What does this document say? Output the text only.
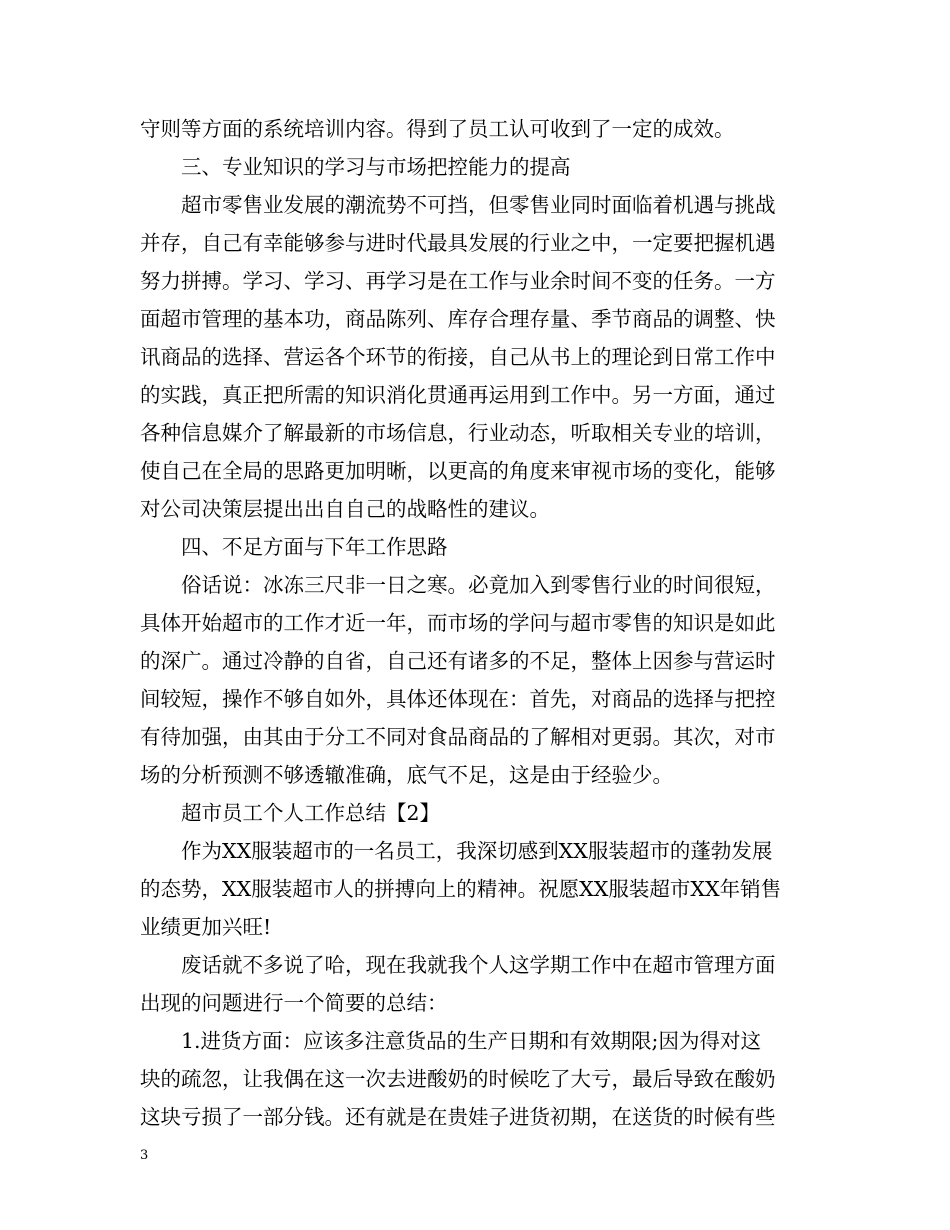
守则等方面的系统培训内容。得到了员工认可收到了一定的成效。
三、专业知识的学习与市场把控能力的提高
超市零售业发展的潮流势不可挡，但零售业同时面临着机遇与挑战
并存，自己有幸能够参与进时代最具发展的行业之中，一定要把握机遇
努力拼搏。学习、学习、再学习是在工作与业余时间不变的任务。一方
面超市管理的基本功，商品陈列、库存合理存量、季节商品的调整、快
讯商品的选择、营运各个环节的衔接，自己从书上的理论到日常工作中
的实践，真正把所需的知识消化贯通再运用到工作中。另一方面，通过
各种信息媒介了解最新的市场信息，行业动态，听取相关专业的培训，
使自己在全局的思路更加明晰，以更高的角度来审视市场的变化，能够
对公司决策层提出出自自己的战略性的建议。
四、不足方面与下年工作思路
俗话说：冰冻三尺非一日之寒。必竟加入到零售行业的时间很短，
具体开始超市的工作才近一年，而市场的学问与超市零售的知识是如此
的深广。通过冷静的自省，自己还有诸多的不足，整体上因参与营运时
间较短，操作不够自如外，具体还体现在：首先，对商品的选择与把控
有待加强，由其由于分工不同对食品商品的了解相对更弱。其次，对市
场的分析预测不够透辙准确，底气不足，这是由于经验少。
超市员工个人工作总结【2】
作为XX服装超市的一名员工，我深切感到XX服装超市的蓬勃发展
的态势，XX服装超市人的拼搏向上的精神。祝愿XX服装超市XX年销售
业绩更加兴旺!
废话就不多说了哈，现在我就我个人这学期工作中在超市管理方面
出现的问题进行一个简要的总结：
1.进货方面：应该多注意货品的生产日期和有效期限;因为得对这
块的疏忽，让我偶在这一次去进酸奶的时候吃了大亏，最后导致在酸奶
这块亏损了一部分钱。还有就是在贵娃子进货初期，在送货的时候有些
3
